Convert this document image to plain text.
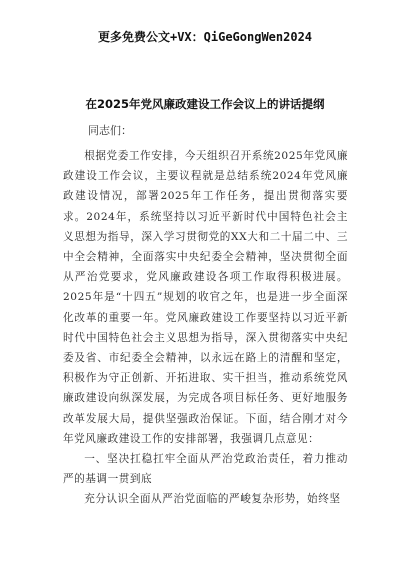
更多免费公文+VX：QiGeGongWen2024
在2025年党风廉政建设工作会议上的讲话提纲
同志们：

根据党委工作安排，今天组织召开系统2025年党风廉政建设工作会议，主要议程就是总结系统2024年党风廉政建设情况，部署2025年工作任务，提出贯彻落实要求。2024年，系统坚持以习近平新时代中国特色社会主义思想为指导，深入学习贯彻党的XX大和二十届二中、三中全会精神，全面落实中央纪委全会精神，坚决贯彻全面从严治党要求，党风廉政建设各项工作取得积极进展。2025年是“十四五”规划的收官之年，也是进一步全面深化改革的重要一年。党风廉政建设工作要坚持以习近平新时代中国特色社会主义思想为指导，深入贯彻落实中央纪委及省、市纪委全会精神，以永远在路上的清醒和坚定，积极作为守正创新、开拓进取、实干担当，推动系统党风廉政建设向纵深发展，为完成各项目标任务、更好地服务改革发展大局，提供坚强政治保证。下面，结合刚才对今年党风廉政建设工作的安排部署，我强调几点意见：

一、坚决扛稳扛牢全面从严治党政治责任，着力推动严的基调一贯到底

充分认识全面从严治党面临的严峻复杂形势，始终坚
